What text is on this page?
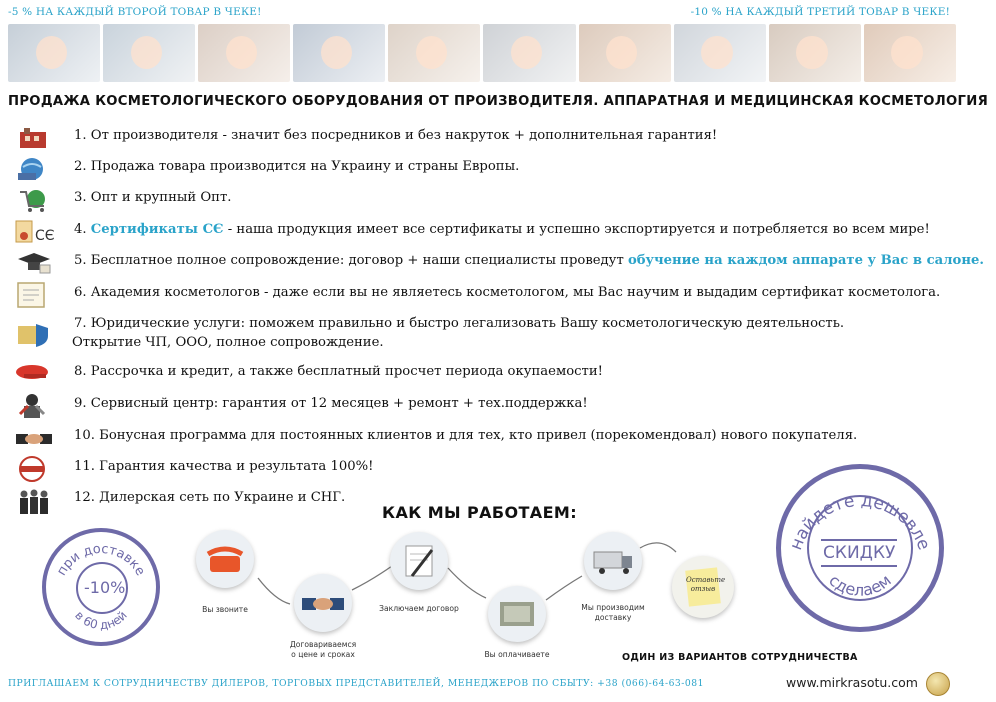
-5 % НА КАЖДЫЙ ВТОРОЙ ТОВАР В ЧЕКЕ!	-10 % НА КАЖДЫЙ ТРЕТИЙ ТОВАР В ЧЕКЕ!
ПРОДАЖА КОСМЕТОЛОГИЧЕСКОГО ОБОРУДОВАНИЯ ОТ ПРОИЗВОДИТЕЛЯ. АППАРАТНАЯ И МЕДИЦИНСКАЯ КОСМЕТОЛОГИЯ
1. От производителя - значит без посредников и без накруток + дополнительная гарантия!
2. Продажа товара производится на Украину и страны Европы.
3. Опт и крупный Опт.
CЄ 4. Сертификаты CЄ - наша продукция имеет все сертификаты и успешно экспортируется и потребляется во всем мире!
5. Бесплатное полное сопровождение: договор + наши специалисты проведут обучение на каждом аппарате у Вас в салоне.
6. Академия косметологов - даже если вы не являетесь косметологом, мы Вас научим и выдадим сертификат косметолога.
7. Юридические услуги: поможем правильно и быстро легализовать Вашу косметологическую деятельность.
Открытие ЧП, ООО, полное сопровождение.
8. Рассрочка и кредит, а также бесплатный просчет периода окупаемости!
9. Сервисный центр: гарантия от 12 месяцев + ремонт + тех.поддержка!
10. Бонусная программа для постоянных клиентов и для тех, кто привел (порекомендовал) нового покупателя.
11. Гарантия качества и результата 100%!
12. Дилерская сеть по Украине и СНГ.
КАК МЫ РАБОТАЕМ:
при доставке
в 60 дней
-10%
найдете дешевле
сделаем
СКИДКУ
Вы звоните
Договариваемся
о цене и сроках
Заключаем договор
Вы оплачиваете
Мы производим
доставку
Оставьте
отзыв
ОДИН ИЗ ВАРИАНТОВ СОТРУДНИЧЕСТВА
ПРИГЛАШАЕМ К СОТРУДНИЧЕСТВУ ДИЛЕРОВ, ТОРГОВЫХ ПРЕДСТАВИТЕЛЕЙ, МЕНЕДЖЕРОВ ПО СБЫТУ: +38 (066)-64-63-081	www.mirkrasotu.com
